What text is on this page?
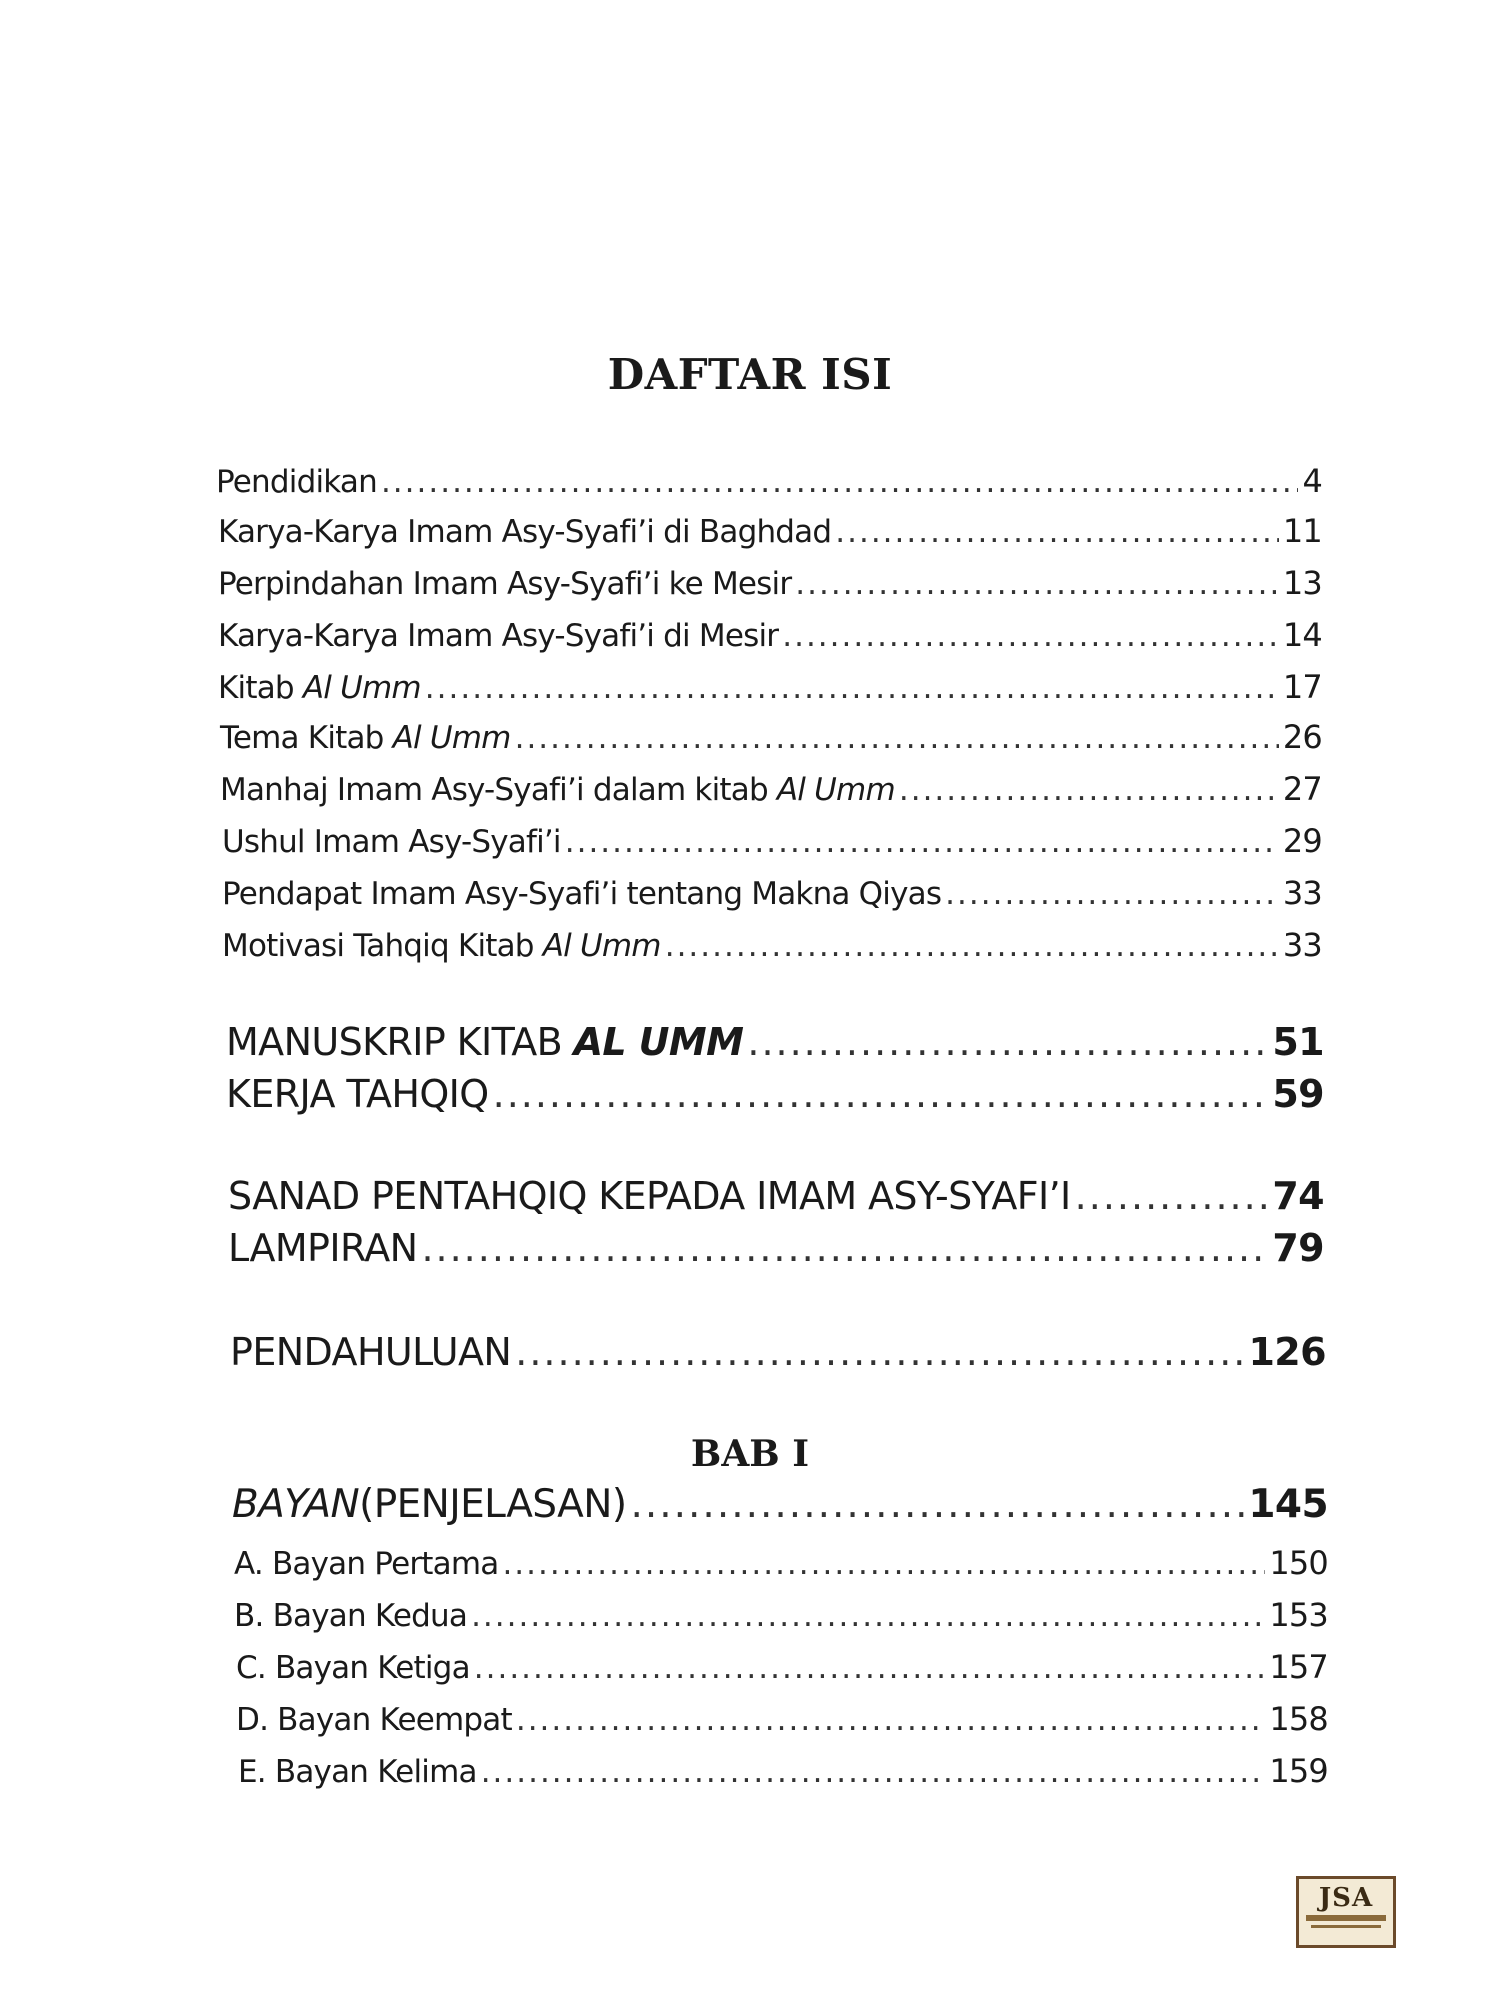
DAFTAR ISI
Pendidikan .....	4
Karya-Karya Imam Asy-Syafi’i di Baghdad .....	11
Perpindahan Imam Asy-Syafi’i ke Mesir .....	13
Karya-Karya Imam Asy-Syafi’i di Mesir .....	14
Kitab Al Umm .....	17
Tema Kitab Al Umm .....	26
Manhaj Imam Asy-Syafi’i dalam kitab Al Umm .....	27
Ushul Imam Asy-Syafi’i .....	29
Pendapat Imam Asy-Syafi’i tentang Makna Qiyas .....	33
Motivasi Tahqiq Kitab Al Umm .....	33
MANUSKRIP KITAB AL UMM .....	51
KERJA TAHQIQ .....	59
SANAD PENTAHQIQ KEPADA IMAM ASY-SYAFI’I .....	74
LAMPIRAN .....	79
PENDAHULUAN .....	126
BAB I
BAYAN(PENJELASAN) .....	145
A. Bayan Pertama .....	150
B. Bayan Kedua .....	153
C. Bayan Ketiga .....	157
D. Bayan Keempat .....	158
E. Bayan Kelima .....	159
JSA
